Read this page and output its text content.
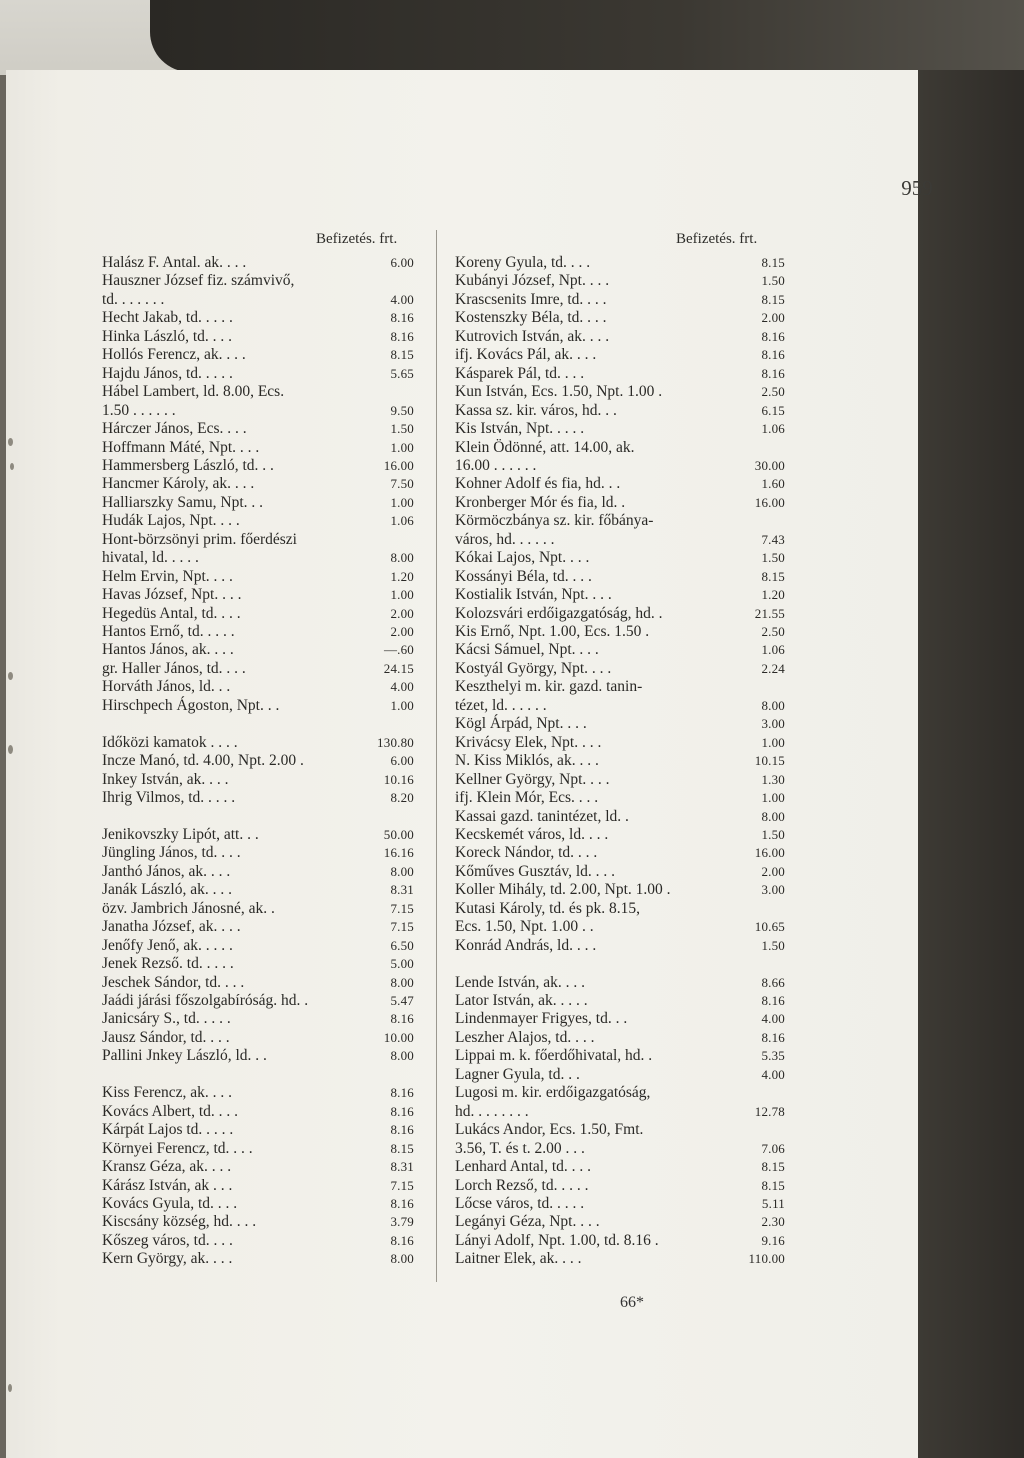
959
Befizetés. frt.	Befizetés. frt.
Halász F. Antal. ak. . . .	6.00
Hauszner József fiz. számvivő,
td. . . . . . .	4.00
Hecht Jakab, td. . . . .	8.16
Hinka László, td. . . .	8.16
Hollós Ferencz, ak. . . .	8.15
Hajdu János, td. . . . .	5.65
Hábel Lambert, ld. 8.00, Ecs.
1.50 . . . . . .	9.50
Hárczer János, Ecs. . . .	1.50
Hoffmann Máté, Npt. . . .	1.00
Hammersberg László, td. . .	16.00
Hancmer Károly, ak. . . .	7.50
Halliarszky Samu, Npt. . .	1.00
Hudák Lajos, Npt. . . .	1.06
Hont-börzsönyi prim. főerdészi
hivatal, ld. . . . .	8.00
Helm Ervin, Npt. . . .	1.20
Havas József, Npt. . . .	1.00
Hegedüs Antal, td. . . .	2.00
Hantos Ernő, td. . . . .	2.00
Hantos János, ak. . . .	—.60
gr. Haller János, td. . . .	24.15
Horváth János, ld. . .	4.00
Hirschpech Ágoston, Npt. . .	1.00
Időközi kamatok . . . .	130.80
Incze Manó, td. 4.00, Npt. 2.00 .	6.00
Inkey István, ak. . . .	10.16
Ihrig Vilmos, td. . . . .	8.20
Jenikovszky Lipót, att. . .	50.00
Jüngling János, td. . . .	16.16
Janthó János, ak. . . .	8.00
Janák László, ak. . . .	8.31
özv. Jambrich Jánosné, ak. .	7.15
Janatha József, ak. . . .	7.15
Jenőfy Jenő, ak. . . . .	6.50
Jenek Rezső. td. . . . .	5.00
Jeschek Sándor, td. . . .	8.00
Jaádi járási főszolgabíróság. hd. .	5.47
Janicsáry S., td. . . . .	8.16
Jausz Sándor, td. . . .	10.00
Pallini Jnkey László, ld. . .	8.00
Kiss Ferencz, ak. . . .	8.16
Kovács Albert, td. . . .	8.16
Kárpát Lajos td. . . . .	8.16
Környei Ferencz, td. . . .	8.15
Kransz Géza, ak. . . .	8.31
Kárász István, ak . . .	7.15
Kovács Gyula, td. . . .	8.16
Kiscsány község, hd. . . .	3.79
Kőszeg város, td. . . .	8.16
Kern György, ak. . . .	8.00
Koreny Gyula, td. . . .	8.15
Kubányi József, Npt. . . .	1.50
Krascsenits Imre, td. . . .	8.15
Kostenszky Béla, td. . . .	2.00
Kutrovich István, ak. . . .	8.16
ifj. Kovács Pál, ak. . . .	8.16
Kásparek Pál, td. . . .	8.16
Kun István, Ecs. 1.50, Npt. 1.00 .	2.50
Kassa sz. kir. város, hd. . .	6.15
Kis István, Npt. . . . .	1.06
Klein Ödönné, att. 14.00, ak.
16.00 . . . . . .	30.00
Kohner Adolf és fia, hd. . .	1.60
Kronberger Mór és fia, ld. .	16.00
Körmöczbánya sz. kir. főbánya-
város, hd. . . . . .	7.43
Kókai Lajos, Npt. . . .	1.50
Kossányi Béla, td. . . .	8.15
Kostialik István, Npt. . . .	1.20
Kolozsvári erdőigazgatóság, hd. .	21.55
Kis Ernő, Npt. 1.00, Ecs. 1.50 .	2.50
Kácsi Sámuel, Npt. . . .	1.06
Kostyál György, Npt. . . .	2.24
Keszthelyi m. kir. gazd. tanin-
tézet, ld. . . . . .	8.00
Kögl Árpád, Npt. . . .	3.00
Krivácsy Elek, Npt. . . .	1.00
N. Kiss Miklós, ak. . . .	10.15
Kellner György, Npt. . . .	1.30
ifj. Klein Mór, Ecs. . . .	1.00
Kassai gazd. tanintézet, ld. .	8.00
Kecskemét város, ld. . . .	1.50
Koreck Nándor, td. . . .	16.00
Kőműves Gusztáv, ld. . . .	2.00
Koller Mihály, td. 2.00, Npt. 1.00 .	3.00
Kutasi Károly, td. és pk. 8.15,
Ecs. 1.50, Npt. 1.00 . .	10.65
Konrád András, ld. . . .	1.50
Lende István, ak. . . .	8.66
Lator István, ak. . . . .	8.16
Lindenmayer Frigyes, td. . .	4.00
Leszher Alajos, td. . . .	8.16
Lippai m. k. főerdőhivatal, hd. .	5.35
Lagner Gyula, td. . .	4.00
Lugosi m. kir. erdőigazgatóság,
hd. . . . . . . .	12.78
Lukács Andor, Ecs. 1.50, Fmt.
3.56, T. és t. 2.00 . . .	7.06
Lenhard Antal, td. . . .	8.15
Lorch Rezső, td. . . . .	8.15
Lőcse város, td. . . . .	5.11
Legányi Géza, Npt. . . .	2.30
Lányi Adolf, Npt. 1.00, td. 8.16 .	9.16
Laitner Elek, ak. . . .	110.00
66*
